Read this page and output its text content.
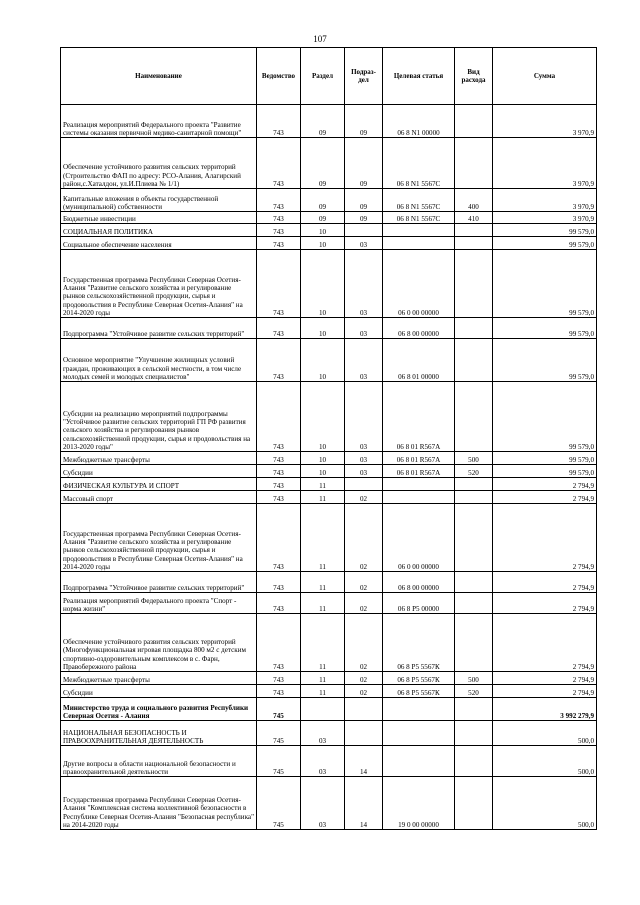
107
Наименование	Ведомство	Раздел	Подраз-дел	Целевая статья	Вид расхода	Сумма
Реализация мероприятий Федерального проекта "Развитие системы оказания первичной медико-санитарной помощи"	743	09	09	06 8 N1 00000		3 970,9
Обеспечение устойчивого развития сельских территорий (Строительство ФАП по адресу: РСО-Алания, Алагирский район,с.Хаталдон, ул.И.Плиева № 1/1)	743	09	09	06 8 N1 5567С		3 970,9
Капитальные вложения в объекты государственной (муниципальной) собственности	743	09	09	06 8 N1 5567С	400	3 970,9
Бюджетные инвестиции	743	09	09	06 8 N1 5567С	410	3 970,9
СОЦИАЛЬНАЯ ПОЛИТИКА	743	10				99 579,0
Социальное обеспечение населения	743	10	03			99 579,0
Государственная программа Республики Северная Осетия-Алания "Развитие сельского хозяйства и регулирование рынков сельскохозяйственной продукции, сырья и продовольствия в Республике Северная Осетия-Алания" на 2014-2020 годы	743	10	03	06 0 00 00000		99 579,0
Подпрограмма "Устойчивое развитие сельских территорий"	743	10	03	06 8 00 00000		99 579,0
Основное мероприятие "Улучшение жилищных условий граждан, проживающих в сельской местности, в том числе молодых семей и молодых специалистов"	743	10	03	06 8 01 00000		99 579,0
Субсидии на реализацию мероприятий подпрограммы "Устойчивое развитие сельских территорий ГП РФ развития сельского хозяйства и регулирования рынков сельскохозяйственной продукции, сырья и продовольствия на 2013-2020 годы"	743	10	03	06 8 01 R567А		99 579,0
Межбюджетные трансферты	743	10	03	06 8 01 R567А	500	99 579,0
Субсидии	743	10	03	06 8 01 R567А	520	99 579,0
ФИЗИЧЕСКАЯ КУЛЬТУРА И СПОРТ	743	11				2 794,9
Массовый спорт	743	11	02			2 794,9
Государственная программа Республики Северная Осетия-Алания "Развитие сельского хозяйства и регулирование рынков сельскохозяйственной продукции, сырья и продовольствия в Республике Северная Осетия-Алания" на 2014-2020 годы	743	11	02	06 0 00 00000		2 794,9
Подпрограмма "Устойчивое развитие сельских территорий"	743	11	02	06 8 00 00000		2 794,9
Реализация мероприятий Федерального проекта "Спорт - норма жизни"	743	11	02	06 8 P5 00000		2 794,9
Обеспечение устойчивого развития сельских территорий (Многофункциональная игровая площадка 800 м2 с детским спортивно-оздоровительным комплексом в с. Фарн, Правобережного района	743	11	02	06 8 P5 5567К		2 794,9
Межбюджетные трансферты	743	11	02	06 8 P5 5567К	500	2 794,9
Субсидии	743	11	02	06 8 P5 5567К	520	2 794,9
Министерство труда и социального развития Республики Северная Осетия - Алания	745					3 992 279,9
НАЦИОНАЛЬНАЯ БЕЗОПАСНОСТЬ И ПРАВООХРАНИТЕЛЬНАЯ ДЕЯТЕЛЬНОСТЬ	745	03				500,0
Другие вопросы в области национальной безопасности и правоохранительной деятельности	745	03	14			500,0
Государственная программа Республики Северная Осетия-Алания "Комплексная система коллективной безопасности в Республике Северная Осетия-Алания "Безопасная республика" на 2014-2020 годы	745	03	14	19 0 00 00000		500,0
